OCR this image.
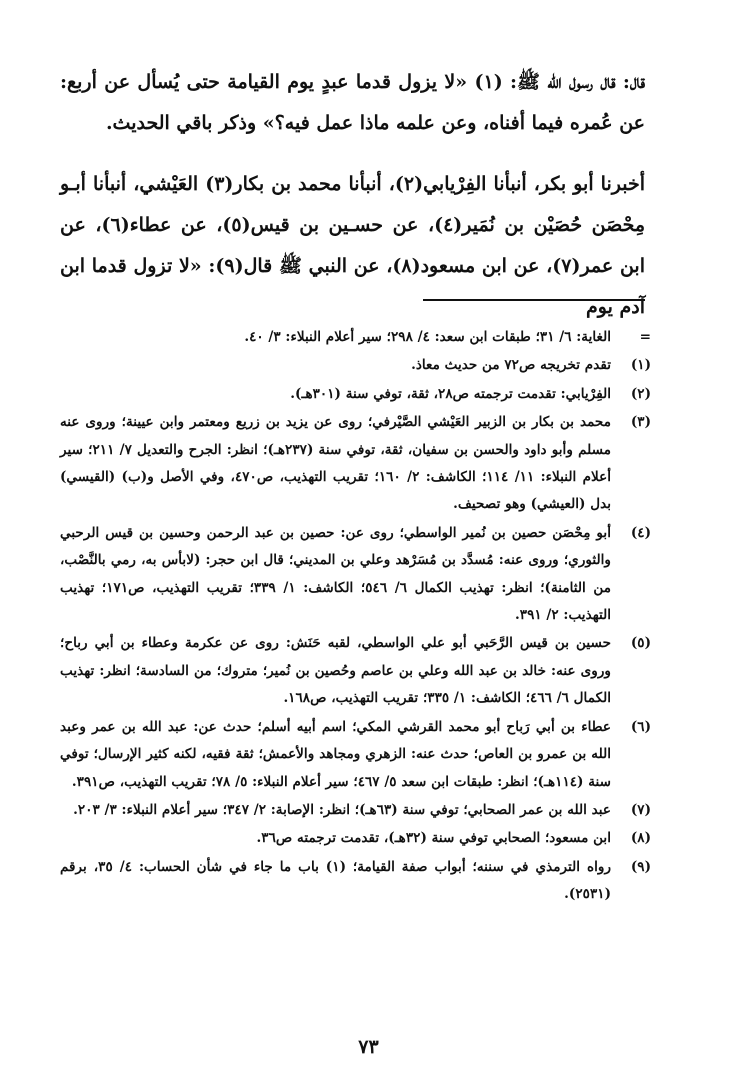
قال: قال رسول الله ﷺ: (١) «لا يزول قدما عبدٍ يوم القيامة حتى يُسأل عن أربع: عن عُمره فيما أفناه، وعن علمه ماذا عمل فيه؟» وذكر باقي الحديث.

أخبرنا أبو بكر، أنبأنا الفِرْيابي(٢)، أنبأنا محمد بن بكار(٣) العَيْشي، أنبأنا أبـو مِحْصَن حُصَيْن بن نُمَير(٤)، عن حسـين بن قيس(٥)، عن عطاء(٦)، عن ابن عمر(٧)، عن ابن مسعود(٨)، عن النبي ﷺ قال(٩): «لا تزول قدما ابن آدم يوم

=
الغاية: ٦/ ٣١؛ طبقات ابن سعد: ٤/ ٢٩٨؛ سير أعلام النبلاء: ٣/ ٤٠.
(١)
تقدم تخريجه ص٧٢ من حديث معاذ.
(٢)
الفِرْيابي: تقدمت ترجمته ص٢٨، ثقة، توفي سنة (٣٠١هـ).
(٣)
محمد بن بكار بن الزبير العَيْشي الصَّيْرفي؛ روى عن يزيد بن زريع ومعتمر وابن عيينة؛ وروى عنه مسلم وأبو داود والحسن بن سفيان، ثقة، توفي سنة (٢٣٧هـ)؛ انظر: الجرح والتعديل ٧/ ٢١١؛ سير أعلام النبلاء: ١١/ ١١٤؛ الكاشف: ٢/ ١٦٠؛ تقريب التهذيب، ص٤٧٠، وفي الأصل و(ب) (القيسي) بدل (العيشي) وهو تصحيف.
(٤)
أبو مِحْصَن حصين بن نُمير الواسطي؛ روى عن: حصين بن عبد الرحمن وحسين بن قيس الرحبي والثوري؛ وروى عنه: مُسدَّد بن مُسَرْهد وعلي بن المديني؛ قال ابن حجر: (لابأس به، رمي بالنَّصْب، من الثامنة)؛ انظر: تهذيب الكمال ٦/ ٥٤٦؛ الكاشف: ١/ ٣٣٩؛ تقريب التهذيب، ص١٧١؛ تهذيب التهذيب: ٢/ ٣٩١.
(٥)
حسين بن قيس الرَّحَبي أبو علي الواسطي، لقبه حَنَش: روى عن عكرمة وعطاء بن أبي رباح؛ وروى عنه: خالد بن عبد الله وعلي بن عاصم وحُصين بن نُمير؛ متروك؛ من السادسة؛ انظر: تهذيب الكمال ٦/ ٤٦٦؛ الكاشف: ١/ ٣٣٥؛ تقريب التهذيب، ص١٦٨.
(٦)
عطاء بن أبي رَباح أبو محمد القرشي المكي؛ اسم أبيه أسلم؛ حدث عن: عبد الله بن عمر وعبد الله بن عمرو بن العاص؛ حدث عنه: الزهري ومجاهد والأعمش؛ ثقة فقيه، لكنه كثير الإرسال؛ توفي سنة (١١٤هـ)؛ انظر: طبقات ابن سعد ٥/ ٤٦٧؛ سير أعلام النبلاء: ٥/ ٧٨؛ تقريب التهذيب، ص٣٩١.
(٧)
عبد الله بن عمر الصحابي؛ توفي سنة (٦٣هـ)؛ انظر: الإصابة: ٢/ ٣٤٧؛ سير أعلام النبلاء: ٣/ ٢٠٣.
(٨)
ابن مسعود؛ الصحابي توفي سنة (٣٢هـ)، تقدمت ترجمته ص٣٦.
(٩)
رواه الترمذي في سننه؛ أبواب صفة القيامة؛ (١) باب ما جاء في شأن الحساب: ٤/ ٣٥، برقم (٢٥٣١).
٧٣
